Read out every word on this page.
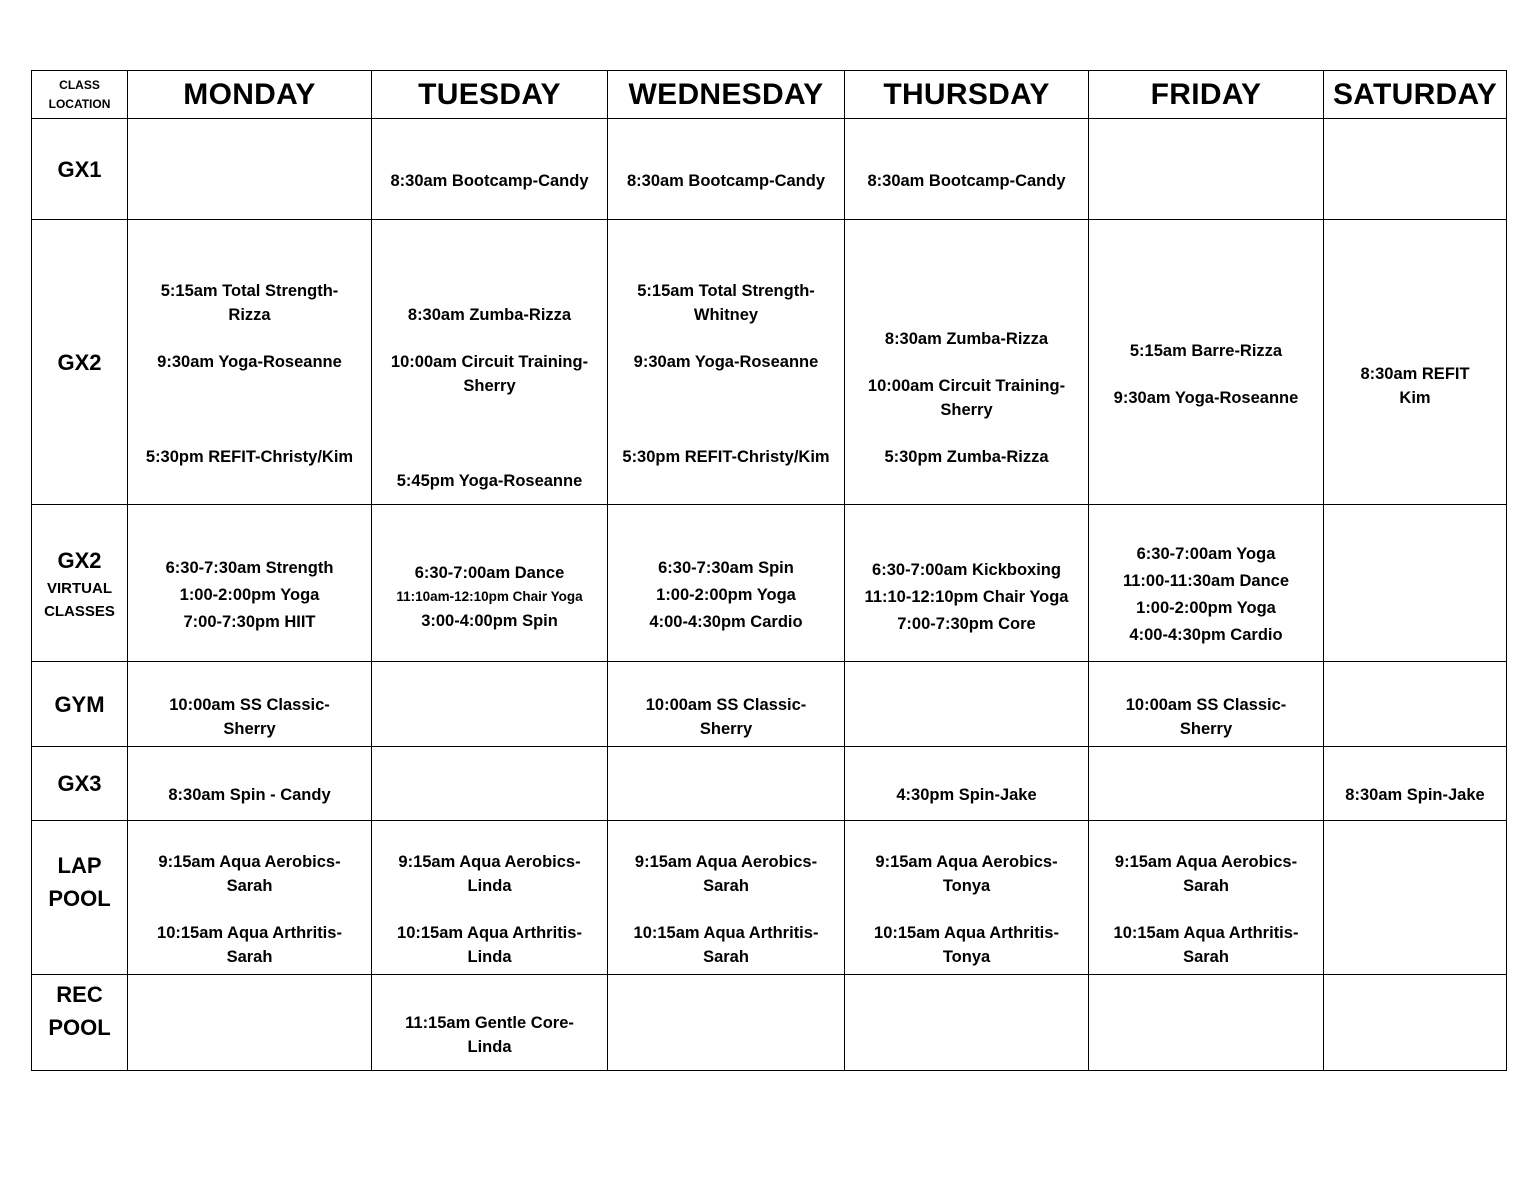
CLASS
LOCATION	MONDAY	TUESDAY	WEDNESDAY	THURSDAY	FRIDAY	SATURDAY
GX1		8:30am Bootcamp-Candy	8:30am Bootcamp-Candy	8:30am Bootcamp-Candy		

GX2	5:15am Total Strength-
Rizza
9:30am Yoga-Roseanne
5:30pm REFIT-Christy/Kim	8:30am Zumba-Rizza
10:00am Circuit Training-
Sherry
5:45pm Yoga-Roseanne	5:15am Total Strength-
Whitney
9:30am Yoga-Roseanne
5:30pm REFIT-Christy/Kim	8:30am Zumba-Rizza
10:00am Circuit Training-
Sherry
5:30pm Zumba-Rizza	5:15am Barre-Rizza
9:30am Yoga-Roseanne	8:30am REFIT
Kim

GX2
VIRTUAL
CLASSES	6:30-7:30am Strength
1:00-2:00pm Yoga
7:00-7:30pm HIIT	6:30-7:00am Dance
11:10am-12:10pm Chair Yoga
3:00-4:00pm Spin	6:30-7:30am Spin
1:00-2:00pm Yoga
4:00-4:30pm Cardio	6:30-7:00am Kickboxing
11:10-12:10pm Chair Yoga
7:00-7:30pm Core	6:30-7:00am Yoga
11:00-11:30am Dance
1:00-2:00pm Yoga
4:00-4:30pm Cardio	

GYM	10:00am SS Classic-
Sherry		10:00am SS Classic-
Sherry		10:00am SS Classic-
Sherry	

GX3	8:30am Spin - Candy			4:30pm Spin-Jake		8:30am Spin-Jake

LAP
POOL	9:15am Aqua Aerobics-
Sarah
10:15am Aqua Arthritis-
Sarah	9:15am Aqua Aerobics-
Linda
10:15am Aqua Arthritis-
Linda	9:15am Aqua Aerobics-
Sarah
10:15am Aqua Arthritis-
Sarah	9:15am Aqua Aerobics-
Tonya
10:15am Aqua Arthritis-
Tonya	9:15am Aqua Aerobics-
Sarah
10:15am Aqua Arthritis-
Sarah	

REC
POOL		11:15am Gentle Core-
Linda				
